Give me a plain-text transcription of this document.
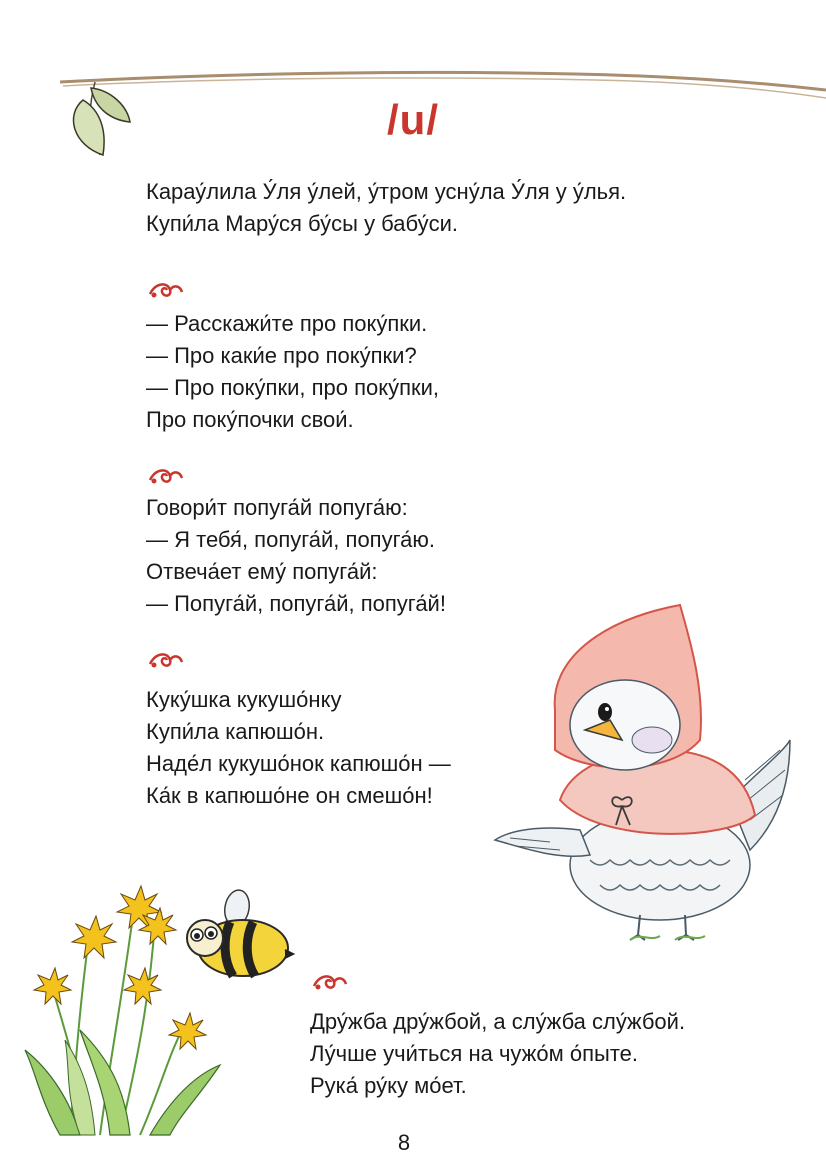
/u/
Карау́лила У́ля у́лей, у́тром усну́ла У́ля у у́лья.
Купи́ла Мару́ся бу́сы у бабу́си.
— Расскажи́те про поку́пки.
— Про каки́е про поку́пки?
— Про поку́пки, про поку́пки,
Про поку́почки свои́.
Говори́т попуга́й попуга́ю:
— Я тебя́, попуга́й, попуга́ю.
Отвеча́ет ему́ попуга́й:
— Попуга́й, попуга́й, попуга́й!
Куку́шка кукушо́нку
Купи́ла капюшо́н.
Наде́л кукушо́нок капюшо́н —
Ка́к в капюшо́не он смешо́н!
Дру́жба дру́жбой, а слу́жба слу́жбой.
Лу́чше учи́ться на чужо́м о́пыте.
Рука́ ру́ку мо́ет.
8
